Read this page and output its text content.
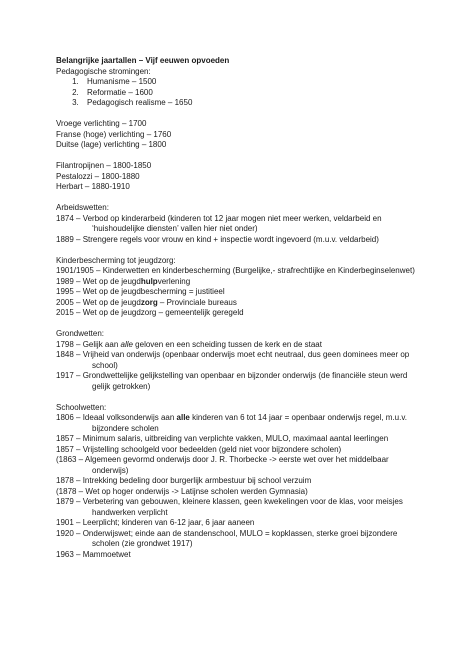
Belangrijke jaartallen – Vijf eeuwen opvoeden
Pedagogische stromingen:
1. Humanisme – 1500
2. Reformatie – 1600
3. Pedagogisch realisme – 1650
Vroege verlichting – 1700
Franse (hoge) verlichting – 1760
Duitse (lage) verlichting – 1800
Filantropijnen – 1800-1850
Pestalozzi – 1800-1880
Herbart – 1880-1910
Arbeidswetten:
1874 – Verbod op kinderarbeid (kinderen tot 12 jaar mogen niet meer werken, veldarbeid en
‘huishoudelijke diensten’ vallen hier niet onder)
1889 – Strengere regels voor vrouw en kind + inspectie wordt ingevoerd (m.u.v. veldarbeid)
Kinderbescherming tot jeugdzorg:
1901/1905 – Kinderwetten en kinderbescherming (Burgelijke,- strafrechtlijke en Kinderbeginselenwet)
1989 – Wet op de jeugdhulpverlening
1995 – Wet op de jeugdbescherming = justitieel
2005 – Wet op de jeugdzorg – Provinciale bureaus
2015 – Wet op de jeugdzorg – gemeentelijk geregeld
Grondwetten:
1798 – Gelijk aan alle geloven en een scheiding tussen de kerk en de staat
1848 – Vrijheid van onderwijs (openbaar onderwijs moet echt neutraal, dus geen dominees meer op
school)
1917 – Grondwettelijke gelijkstelling van openbaar en bijzonder onderwijs (de financiële steun werd
gelijk getrokken)
Schoolwetten:
1806 – Ideaal volksonderwijs aan alle kinderen van 6 tot 14 jaar = openbaar onderwijs regel, m.u.v.
bijzondere scholen
1857 – Minimum salaris, uitbreiding van verplichte vakken, MULO, maximaal aantal leerlingen
1857 – Vrijstelling schoolgeld voor bedeelden (geld niet voor bijzondere scholen)
(1863 – Algemeen gevormd onderwijs door J. R. Thorbecke -> eerste wet over het middelbaar
onderwijs)
1878 – Intrekking bedeling door burgerlijk armbestuur bij school verzuim
(1878 – Wet op hoger onderwijs -> Latijnse scholen werden Gymnasia)
1879 – Verbetering van gebouwen, kleinere klassen, geen kwekelingen voor de klas, voor meisjes
handwerken verplicht
1901 – Leerplicht; kinderen van 6-12 jaar, 6 jaar aaneen
1920 – Onderwijswet; einde aan de standenschool, MULO = kopklassen, sterke groei bijzondere
scholen (zie grondwet 1917)
1963 – Mammoetwet
